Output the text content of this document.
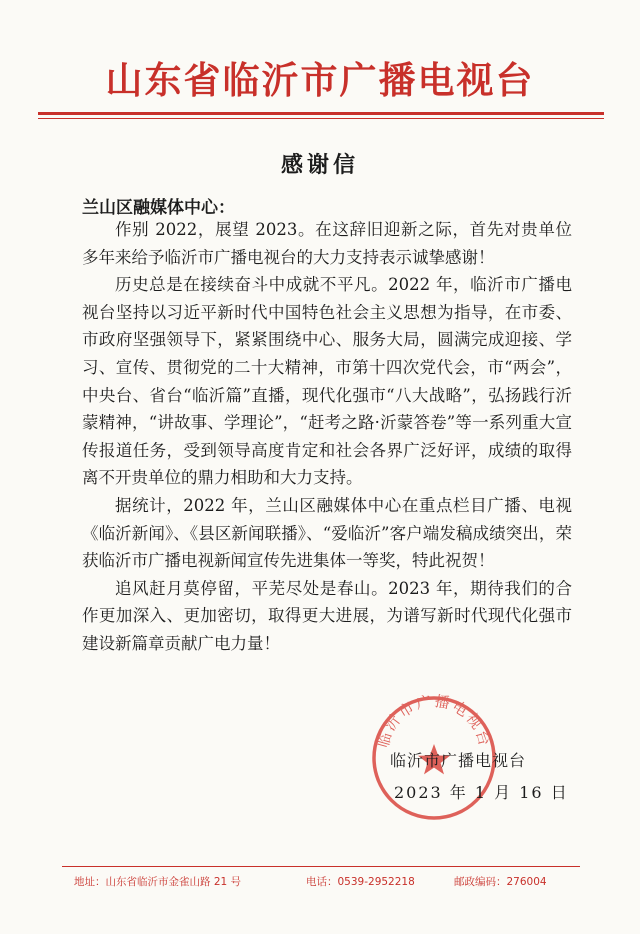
山东省临沂市广播电视台
感谢信
兰山区融媒体中心：

作别 2022，展望 2023。在这辞旧迎新之际，首先对贵单位多年来给予临沂市广播电视台的大力支持表示诚挚感谢！

历史总是在接续奋斗中成就不平凡。2022 年，临沂市广播电视台坚持以习近平新时代中国特色社会主义思想为指导，在市委、市政府坚强领导下，紧紧围绕中心、服务大局，圆满完成迎接、学习、宣传、贯彻党的二十大精神，市第十四次党代会，市“两会”，中央台、省台“临沂篇”直播，现代化强市“八大战略”，弘扬践行沂蒙精神，“讲故事、学理论”，“赶考之路·沂蒙答卷”等一系列重大宣传报道任务，受到领导高度肯定和社会各界广泛好评，成绩的取得离不开贵单位的鼎力相助和大力支持。

据统计，2022 年，兰山区融媒体中心在重点栏目广播、电视《临沂新闻》、《县区新闻联播》、“爱临沂”客户端发稿成绩突出，荣获临沂市广播电视新闻宣传先进集体一等奖，特此祝贺！

追风赶月莫停留，平芜尽处是春山。2023 年，期待我们的合作更加深入、更加密切，取得更大进展，为谱写新时代现代化强市建设新篇章贡献广电力量！

临沂市广播电视台
临沂市广播电视台
2023 年 1 月 16 日
地址：山东省临沂市金雀山路 21 号	电话：0539-2952218	邮政编码：276004
